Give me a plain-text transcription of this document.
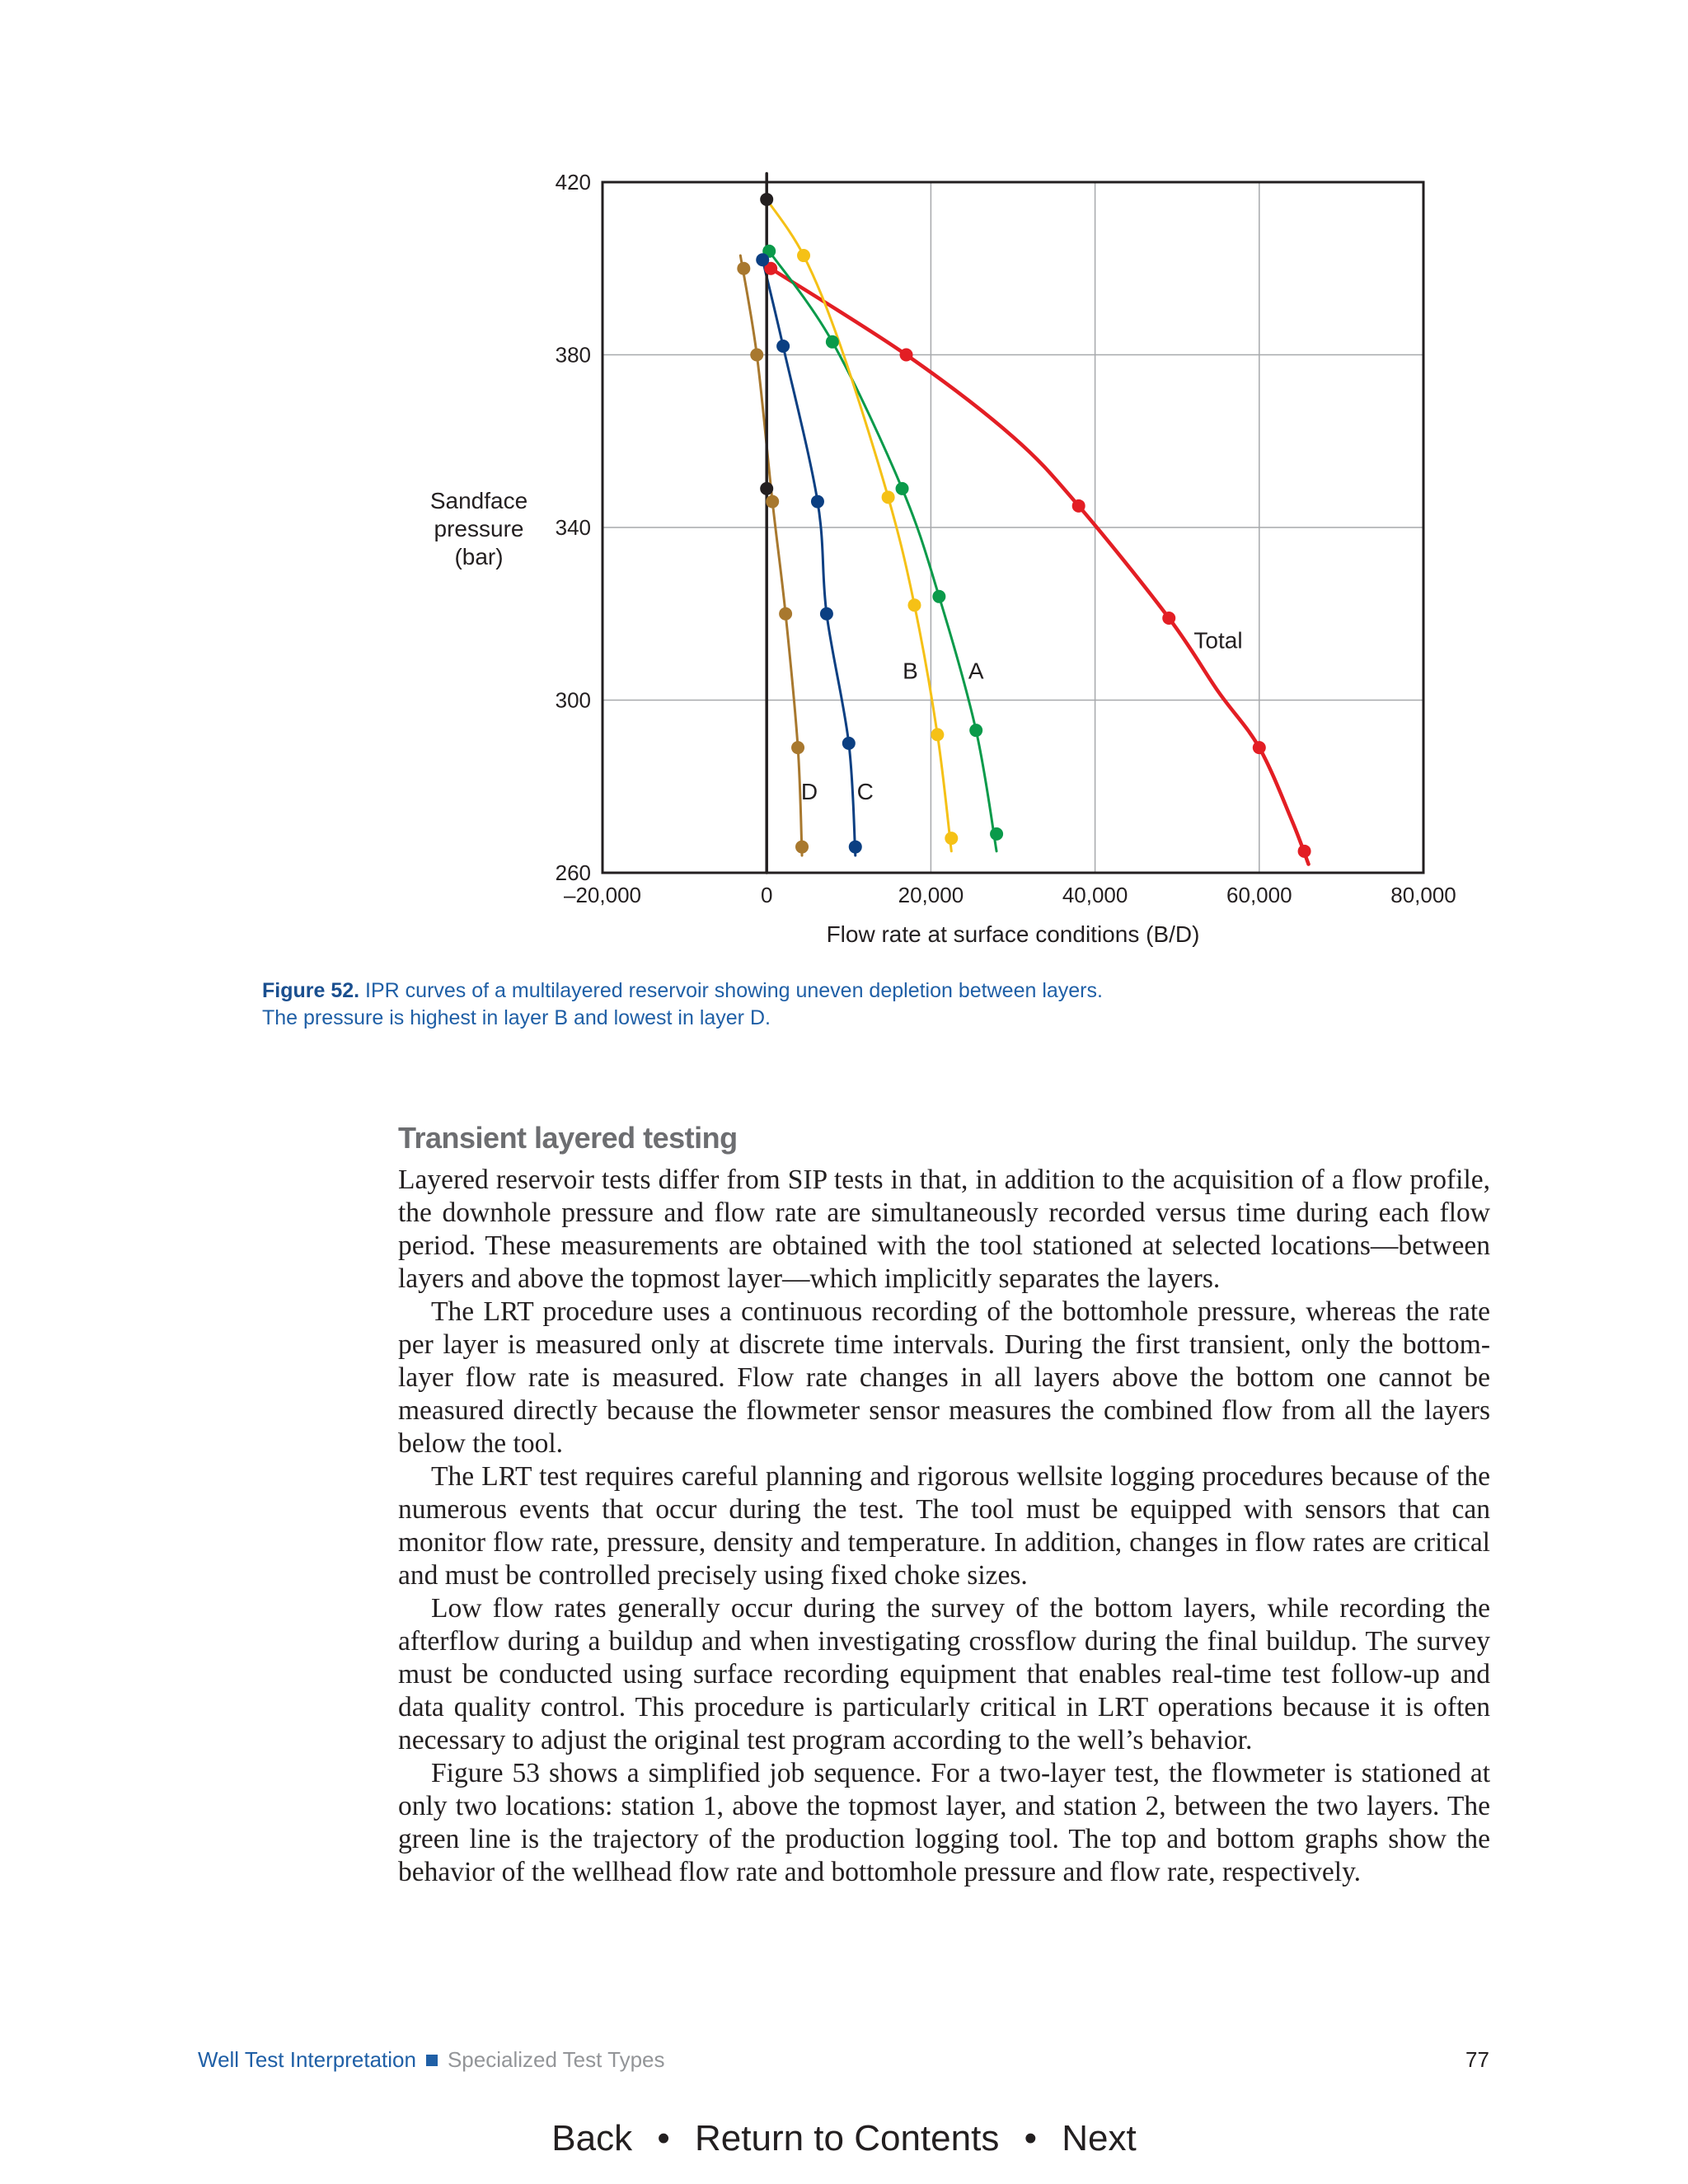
–20,000	0	20,000	40,000	60,000	80,000
260
300
340
380
420
Flow rate at surface conditions (B/D)
Sandface
pressure
(bar)
Total
A
B
C
D
Figure 52. IPR curves of a multilayered reservoir showing uneven depletion between layers.
The pressure is highest in layer B and lowest in layer D.
Transient layered testing

Layered reservoir tests differ from SIP tests in that, in addition to the acquisition of a flow profile, the downhole pressure and flow rate are simultaneously recorded versus time during each flow period. These measurements are obtained with the tool stationed at selected locations—between layers and above the topmost layer—which implicitly separates the layers.

The LRT procedure uses a continuous recording of the bottomhole pressure, whereas the rate per layer is measured only at discrete time intervals. During the first transient, only the bottom-layer flow rate is measured. Flow rate changes in all layers above the bottom one cannot be measured directly because the flowmeter sensor measures the combined flow from all the layers below the tool.

The LRT test requires careful planning and rigorous wellsite logging procedures because of the numerous events that occur during the test. The tool must be equipped with sensors that can monitor flow rate, pressure, density and temperature. In addition, changes in flow rates are critical and must be controlled precisely using fixed choke sizes.

Low flow rates generally occur during the survey of the bottom layers, while recording the afterflow during a buildup and when investigating crossflow during the final buildup. The survey must be conducted using surface recording equipment that enables real-time test follow-up and data quality control. This procedure is particularly critical in LRT operations because it is often necessary to adjust the original test program according to the well’s behavior.

Figure 53 shows a simplified job sequence. For a two-layer test, the flowmeter is stationed at only two locations: station 1, above the topmost layer, and station 2, between the two layers. The green line is the trajectory of the production logging tool. The top and bottom graphs show the behavior of the wellhead flow rate and bottomhole pressure and flow rate, respectively.

Well Test Interpretation Specialized Test Types	77
Back • Return to Contents • Next
